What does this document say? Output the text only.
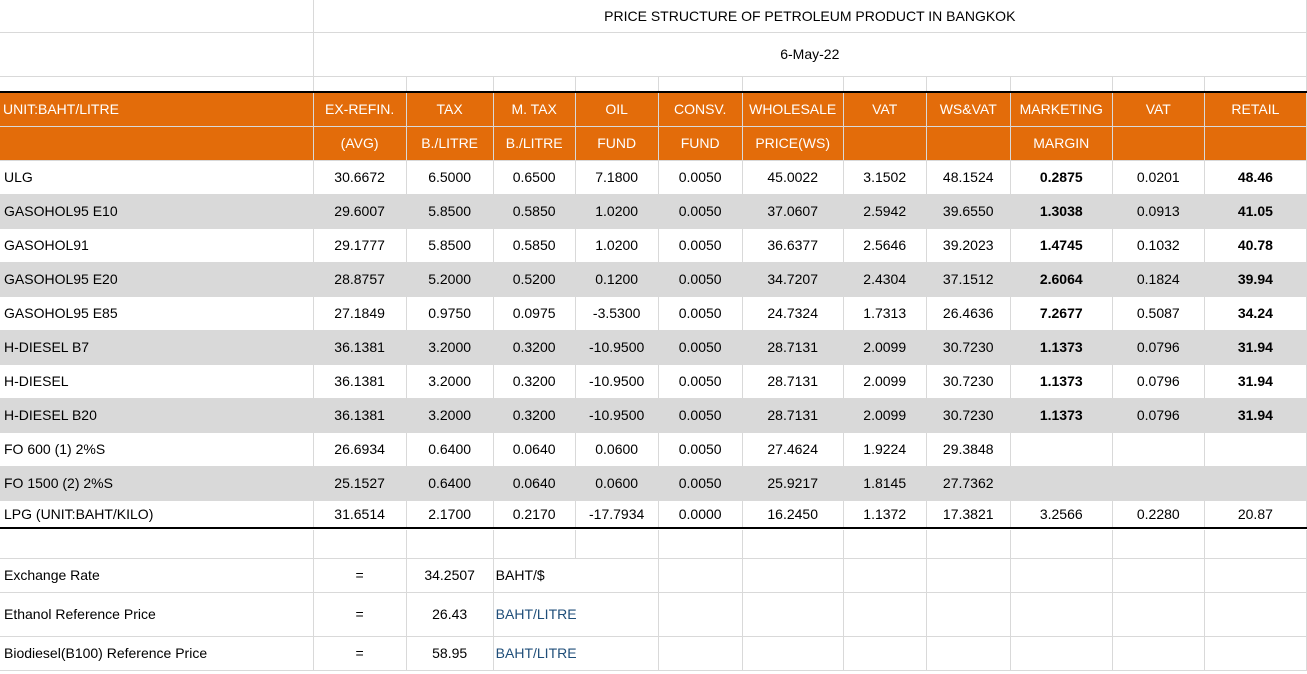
	PRICE STRUCTURE OF PETROLEUM PRODUCT IN BANGKOK										
	6-May-22										

UNIT:BAHT/LITRE	EX-REFIN.	TAX	M. TAX	OIL	CONSV.	WHOLESALE	VAT	WS&VAT	MARKETING	VAT	RETAIL
	(AVG)	B./LITRE	B./LITRE	FUND	FUND	PRICE(WS)			MARGIN		
ULG	30.6672	6.5000	0.6500	7.1800	0.0050	45.0022	3.1502	48.1524	0.2875	0.0201	48.46
GASOHOL95 E10	29.6007	5.8500	0.5850	1.0200	0.0050	37.0607	2.5942	39.6550	1.3038	0.0913	41.05
GASOHOL91	29.1777	5.8500	0.5850	1.0200	0.0050	36.6377	2.5646	39.2023	1.4745	0.1032	40.78
GASOHOL95 E20	28.8757	5.2000	0.5200	0.1200	0.0050	34.7207	2.4304	37.1512	2.6064	0.1824	39.94
GASOHOL95 E85	27.1849	0.9750	0.0975	-3.5300	0.0050	24.7324	1.7313	26.4636	7.2677	0.5087	34.24
H-DIESEL B7	36.1381	3.2000	0.3200	-10.9500	0.0050	28.7131	2.0099	30.7230	1.1373	0.0796	31.94
H-DIESEL	36.1381	3.2000	0.3200	-10.9500	0.0050	28.7131	2.0099	30.7230	1.1373	0.0796	31.94
H-DIESEL B20	36.1381	3.2000	0.3200	-10.9500	0.0050	28.7131	2.0099	30.7230	1.1373	0.0796	31.94
FO 600 (1) 2%S	26.6934	0.6400	0.0640	0.0600	0.0050	27.4624	1.9224	29.3848			
FO 1500 (2) 2%S	25.1527	0.6400	0.0640	0.0600	0.0050	25.9217	1.8145	27.7362			
LPG (UNIT:BAHT/KILO)	31.6514	2.1700	0.2170	-17.7934	0.0000	16.2450	1.1372	17.3821	3.2566	0.2280	20.87

Exchange Rate	=	34.2507	BAHT/$								
Ethanol Reference Price	=	26.43	BAHT/LITRE								
Biodiesel(B100) Reference Price	=	58.95	BAHT/LITRE								
